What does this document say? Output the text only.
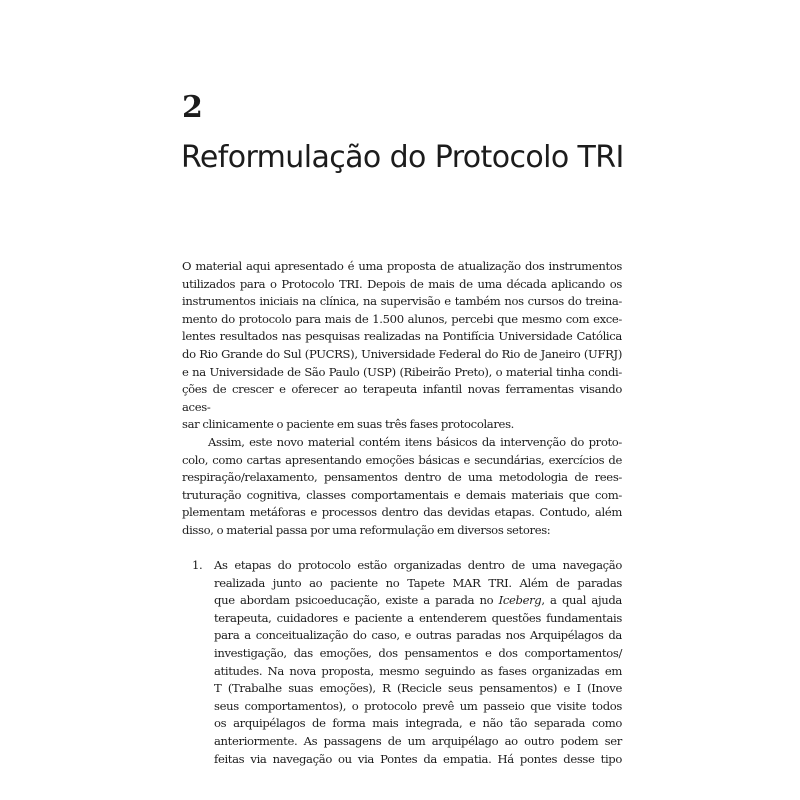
2
Reformulação do Protocolo TRI
O material aqui apresentado é uma proposta de atualização dos instrumentos
utilizados para o Protocolo TRI. Depois de mais de uma década aplicando os
instrumentos iniciais na clínica, na supervisão e também nos cursos do treina-
mento do protocolo para mais de 1.500 alunos, percebi que mesmo com exce-
lentes resultados nas pesquisas realizadas na Pontifícia Universidade Católica
do Rio Grande do Sul (PUCRS), Universidade Federal do Rio de Janeiro (UFRJ)
e na Universidade de São Paulo (USP) (Ribeirão Preto), o material tinha condi-
ções de crescer e oferecer ao terapeuta infantil novas ferramentas visando aces-
sar clinicamente o paciente em suas três fases protocolares.
Assim, este novo material contém itens básicos da intervenção do proto-
colo, como cartas apresentando emoções básicas e secundárias, exercícios de
respiração/relaxamento, pensamentos dentro de uma metodologia de rees-
truturação cognitiva, classes comportamentais e demais materiais que com-
plementam metáforas e processos dentro das devidas etapas. Contudo, além
disso, o material passa por uma reformulação em diversos setores:
1. As etapas do protocolo estão organizadas dentro de uma navegação
realizada junto ao paciente no Tapete MAR TRI. Além de paradas
que abordam psicoeducação, existe a parada no Iceberg, a qual ajuda
terapeuta, cuidadores e paciente a entenderem questões fundamentais
para a conceitualização do caso, e outras paradas nos Arquipélagos da
investigação, das emoções, dos pensamentos e dos comportamentos/
atitudes. Na nova proposta, mesmo seguindo as fases organizadas em
T (Trabalhe suas emoções), R (Recicle seus pensamentos) e I (Inove
seus comportamentos), o protocolo prevê um passeio que visite todos
os arquipélagos de forma mais integrada, e não tão separada como
anteriormente. As passagens de um arquipélago ao outro podem ser
feitas via navegação ou via Pontes da empatia. Há pontes desse tipo
